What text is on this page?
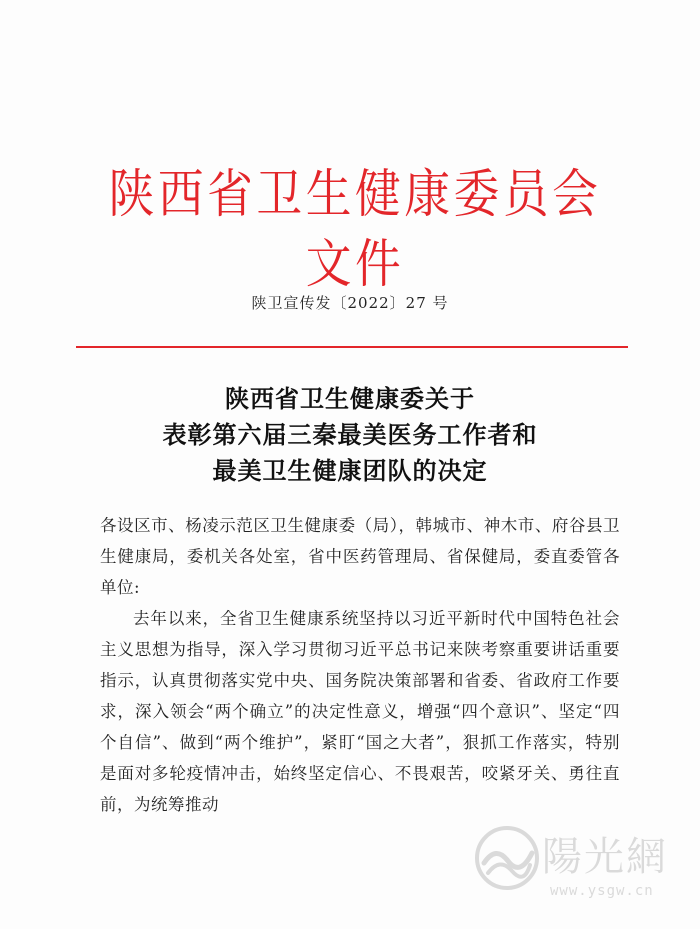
陕西省卫生健康委员会文件
陕卫宣传发〔2022〕27 号
陕西省卫生健康委关于
表彰第六届三秦最美医务工作者和
最美卫生健康团队的决定

各设区市、杨凌示范区卫生健康委（局），韩城市、神木市、府谷县卫生健康局，委机关各处室，省中医药管理局、省保健局，委直委管各单位:

去年以来，全省卫生健康系统坚持以习近平新时代中国特色社会主义思想为指导，深入学习贯彻习近平总书记来陕考察重要讲话重要指示，认真贯彻落实党中央、国务院决策部署和省委、省政府工作要求，深入领会“两个确立”的决定性意义，增强“四个意识”、坚定“四个自信”、做到“两个维护”，紧盯“国之大者”，狠抓工作落实，特别是面对多轮疫情冲击，始终坚定信心、不畏艰苦，咬紧牙关、勇往直前，为统筹推动

陽光網
www.ysgw.cn
